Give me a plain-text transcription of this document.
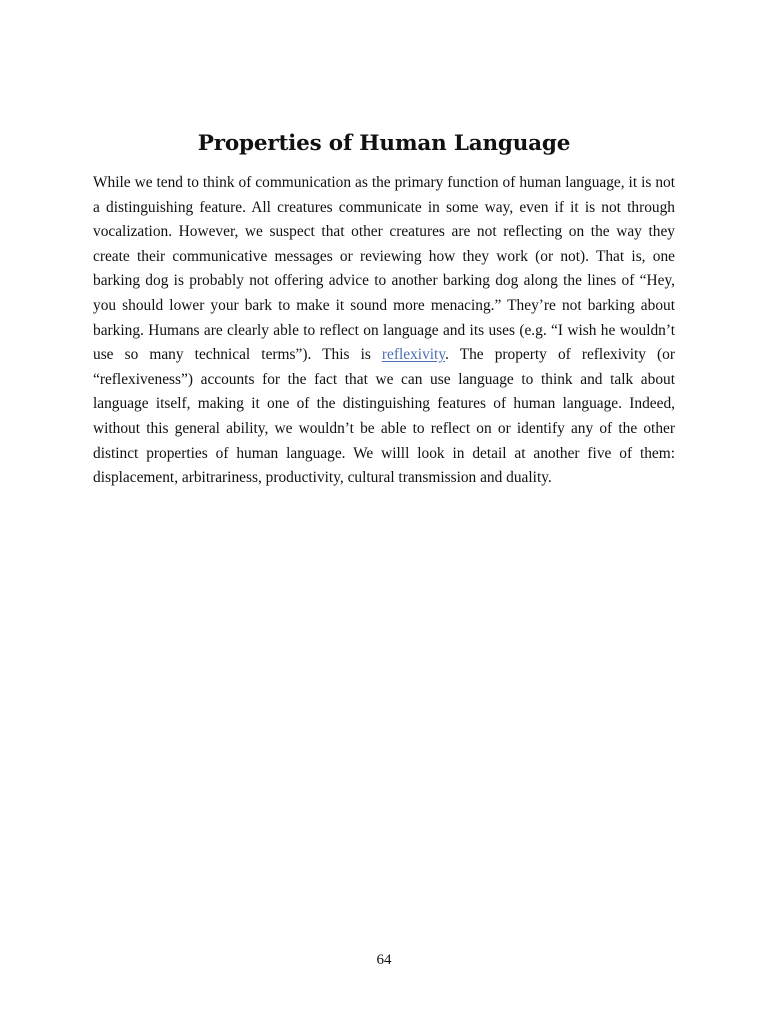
Properties of Human Language

While we tend to think of communication as the primary function of human language, it is not a distinguishing feature. All creatures communicate in some way, even if it is not through vocalization. However, we suspect that other creatures are not reflecting on the way they create their communicative messages or reviewing how they work (or not). That is, one barking dog is probably not offering advice to another barking dog along the lines of “Hey, you should lower your bark to make it sound more menacing.” They’re not barking about barking. Humans are clearly able to reflect on language and its uses (e.g. “I wish he wouldn’t use so many technical terms”). This is reflexivity. The property of reflexivity (or “reflexiveness”) accounts for the fact that we can use language to think and talk about language itself, making it one of the distinguishing features of human language. Indeed, without this general ability, we wouldn’t be able to reflect on or identify any of the other distinct properties of human language. We willl look in detail at another five of them: displacement, arbitrariness, productivity, cultural transmission and duality.

64
